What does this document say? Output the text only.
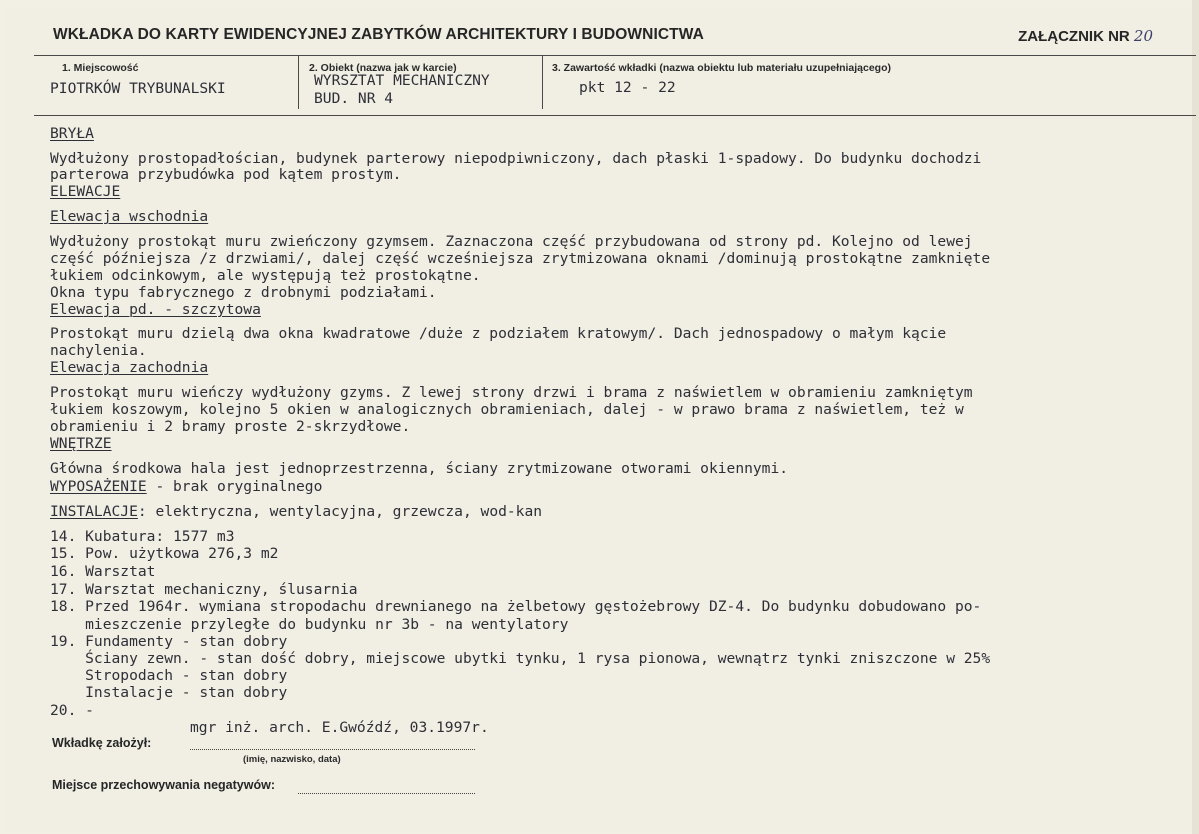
WKŁADKA DO KARTY EWIDENCYJNEJ ZABYTKÓW ARCHITEKTURY I BUDOWNICTWA	ZAŁĄCZNIK NR 20
1. Miejscowość
PIOTRKÓW TRYBUNALSKI
2. Obiekt (nazwa jak w karcie)
WYRSZTAT MECHANICZNY
BUD. NR 4
3. Zawartość wkładki (nazwa obiektu lub materiału uzupełniającego)
pkt 12 - 22
BRYŁA
Wydłużony prostopadłościan, budynek parterowy niepodpiwniczony, dach płaski 1-spadowy. Do budynku dochodzi
parterowa przybudówka pod kątem prostym.
ELEWACJE
Elewacja wschodnia
Wydłużony prostokąt muru zwieńczony gzymsem. Zaznaczona część przybudowana od strony pd. Kolejno od lewej
część późniejsza /z drzwiami/, dalej część wcześniejsza zrytmizowana oknami /dominują prostokątne zamknięte
łukiem odcinkowym, ale występują też prostokątne.
Okna typu fabrycznego z drobnymi podziałami.
Elewacja pd. - szczytowa
Prostokąt muru dzielą dwa okna kwadratowe /duże z podziałem kratowym/. Dach jednospadowy o małym kącie
nachylenia.
Elewacja zachodnia
Prostokąt muru wieńczy wydłużony gzyms. Z lewej strony drzwi i brama z naświetlem w obramieniu zamkniętym
łukiem koszowym, kolejno 5 okien w analogicznych obramieniach, dalej - w prawo brama z naświetlem, też w
obramieniu i 2 bramy proste 2-skrzydłowe.
WNĘTRZE
Główna środkowa hala jest jednoprzestrzenna, ściany zrytmizowane otworami okiennymi.
WYPOSAŻENIE - brak oryginalnego
INSTALACJE: elektryczna, wentylacyjna, grzewcza, wod-kan
14. Kubatura: 1577 m3
15. Pow. użytkowa 276,3 m2
16. Warsztat
17. Warsztat mechaniczny, ślusarnia
18. Przed 1964r. wymiana stropodachu drewnianego na żelbetowy gęstożebrowy DZ-4. Do budynku dobudowano po-
mieszczenie przyległe do budynku nr 3b - na wentylatory
19. Fundamenty - stan dobry
Ściany zewn. - stan dość dobry, miejscowe ubytki tynku, 1 rysa pionowa, wewnątrz tynki zniszczone w 25%
Stropodach - stan dobry
Instalacje - stan dobry
20. -
mgr inż. arch. E.Gwóźdź, 03.1997r.
Wkładkę założył:
(imię, nazwisko, data)
Miejsce przechowywania negatywów:
